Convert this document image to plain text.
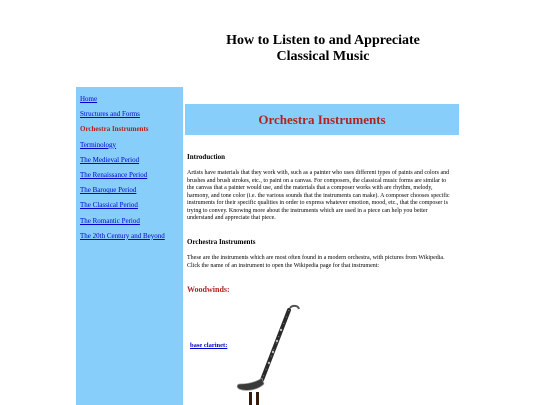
How to Listen to and Appreciate Classical Music
Home
Structures and Forms
Orchestra Instruments
Terminology
The Medieval Period
The Renaissance Period
The Baroque Period
The Classical Period
The Romantic Period
The 20th Century and Beyond
Orchestra Instruments
Introduction
Artists have materials that they work with, such as a painter who uses different types of paints and colors and brushes and brush strokes, etc., to paint on a canvas. For composers, the classical music forms are similar to the canvas that a painter would use, and the materials that a composer works with are rhythm, melody, harmony, and tone color (i.e. the various sounds that the instruments can make). A composer chooses specific instruments for their specific qualities in order to express whatever emotion, mood, etc., that the composer is trying to convey. Knowing more about the instruments which are used in a piece can help you better understand and appreciate that piece.
Orchestra Instruments
These are the instruments which are most often found in a modern orchestra, with pictures from Wikipedia. Click the name of an instrument to open the Wikipedia page for that instrument:
Woodwinds:
base clarinet:
